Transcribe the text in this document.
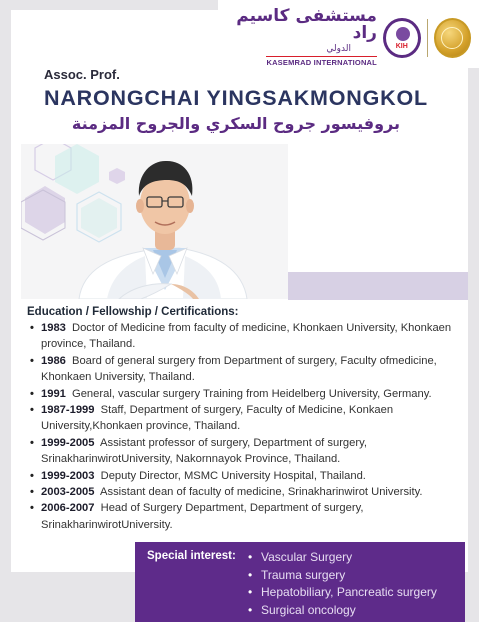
مستشفى كاسيم راد
الدولي
KASEMRAD INTERNATIONAL
KIH
Assoc. Prof.
NARONGCHAI YINGSAKMONGKOL
بروفيسور جروح السكري والجروح المزمنة
Education / Fellowship / Certifications:
• 1983 Doctor of Medicine from faculty of medicine, Khonkaen University, Khonkaen province, Thailand.
• 1986 Board of general surgery from Department of surgery, Faculty ofmedicine, Khonkaen University, Thailand.
• 1991 General, vascular surgery Training from Heidelberg University, Germany.
• 1987-1999 Staff, Department of surgery, Faculty of Medicine, Konkaen University,Khonkaen province, Thailand.
• 1999-2005 Assistant professor of surgery, Department of surgery, SrinakharinwirotUniversity, Nakornnayok Province, Thailand.
• 1999-2003 Deputy Director, MSMC University Hospital, Thailand.
• 2003-2005 Assistant dean of faculty of medicine, Srinakharinwirot University.
• 2006-2007 Head of Surgery Department, Department of surgery, SrinakharinwirotUniversity.
Special interest: • Vascular Surgery
• Trauma surgery
• Hepatobiliary, Pancreatic surgery
• Surgical oncology
